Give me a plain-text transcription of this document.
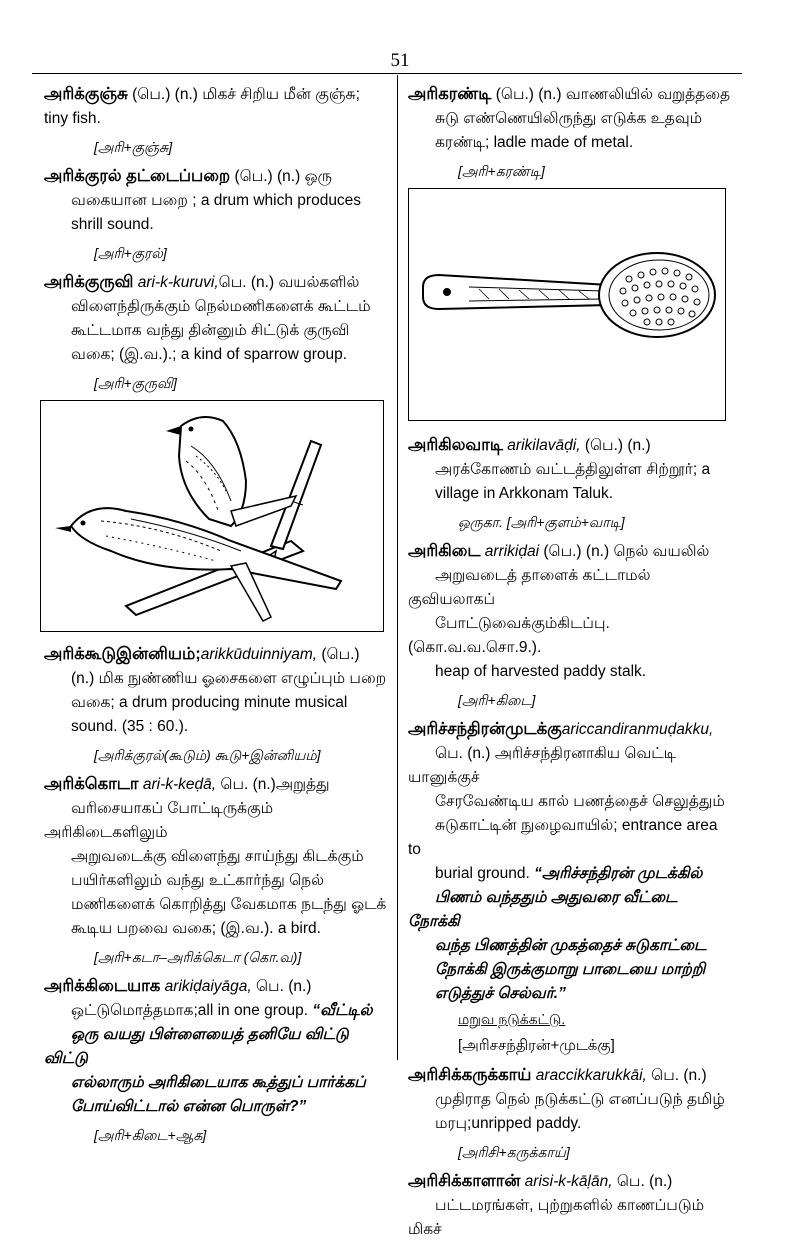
51

அரிக்குஞ்சு (பெ.) (n.) மிகச் சிறிய மீன் குஞ்சு;
tiny fish.

[அரி+குஞ்சு]

அரிக்குரல் தட்டைப்பறை (பெ.) (n.) ஒரு
வகையான பறை ; a drum which produces
shrill sound.

[அரி+குரல்]

அரிக்குருவி ari-k-kuruvi,பெ. (n.) வயல்களில்
விளைந்திருக்கும் நெல்மணிகளைக் கூட்டம்
கூட்டமாக வந்து தின்னும் சிட்டுக் குருவி
வகை; (இ.வ.).; a kind of sparrow group.

[அரி+குருவி]

அரிக்கூடுஇன்னியம்;arikkūduinniyam, (பெ.)
(n.) மிக நுண்ணிய ஓசைகளை எழுப்பும் பறை
வகை; a drum producing minute musical
sound. (35 : 60.).

[அரிக்குரல்(கூடும்) கூடு+இன்னியம்]

அரிக்கொடா ari-k-keḍā, பெ. (n.)அறுத்து
வரிசையாகப் போட்டிருக்கும் அரிகிடைகளிலும்
அறுவடைக்கு விளைந்து சாய்ந்து கிடக்கும்
பயிர்களிலும் வந்து உட்கார்ந்து நெல்
மணிகளைக் கொறித்து வேகமாக நடந்து ஓடக்
கூடிய பறவை வகை; (இ.வ.). a bird.

[அரி+கடா–அரிக்கெடா (கொ.வ)]

அரிக்கிடையாக arikiḍaiyāga, பெ. (n.)
ஒட்டுமொத்தமாக;all in one group. “வீட்டில்
ஒரு வயது பிள்ளையைத் தனியே விட்டு விட்டு
எல்லாரும் அரிகிடையாக கூத்துப் பார்க்கப்
போய்விட்டால் என்ன பொருள்?”

[அரி+கிடை+ஆக]

அரிகரண்டி (பெ.) (n.) வாணலியில் வறுத்ததை
சுடு எண்ணெயிலிருந்து எடுக்க உதவும்
கரண்டி; ladle made of metal.

[அரி+கரண்டி]

அரிகிலவாடி arikilavāḍi, (பெ.) (n.)
அரக்கோணம் வட்டத்திலுள்ள சிற்றூர்; a
village in Arkkonam Taluk.

ஒருகா. [அரி+குளம்+வாடி]

அரிகிடை arrikiḍai (பெ.) (n.) நெல் வயலில்
அறுவடைத் தாளைக் கட்டாமல் குவியலாகப்
போட்டுவைக்கும்கிடப்பு. (கொ.வ.வ.சொ.9.).
heap of harvested paddy stalk.

[அரி+கிடை]

அரிச்சந்திரன்முடக்குariccandiranmuḍakku,
பெ. (n.) அரிச்சந்திரனாகிய வெட்டி யானுக்குச்
சேரவேண்டிய கால் பணத்தைச் செலுத்தும்
சுடுகாட்டின் நுழைவாயில்; entrance area to
burial ground. “அரிச்சந்திரன் முடக்கில்
பிணம் வந்ததும் அதுவரை வீட்டை நோக்கி
வந்த பிணத்தின் முகத்தைச் சுடுகாட்டை
நோக்கி இருக்குமாறு பாடையை மாற்றி
எடுத்துச் செல்வர்.”

மறுவ நடுக்கட்டு.

[அரிசசந்திரன்+முடக்கு]

அரிசிக்கருக்காய் araccikkarukkāi, பெ. (n.)
முதிராத நெல் நடுக்கட்டு எனப்படுந் தமிழ்
மரபு;unripped paddy.

[அரிசி+கருக்காய்]

அரிசிக்காளான் arisi-k-kāḷān, பெ. (n.)
பட்டமரங்கள், புற்றுகளில் காணப்படும் மிகச்
